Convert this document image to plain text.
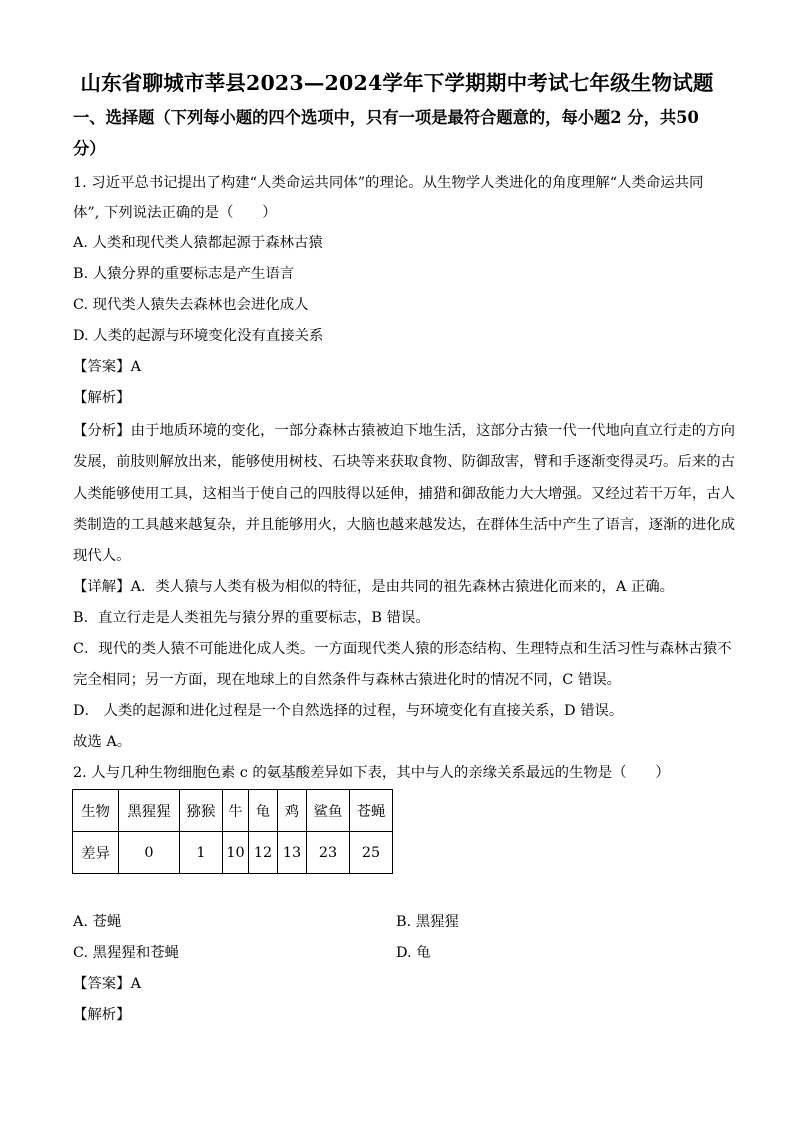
山东省聊城市莘县2023—2024学年下学期期中考试七年级生物试题
一、选择题（下列每小题的四个选项中，只有一项是最符合题意的，每小题2 分，共50
分）
1. 习近平总书记提出了构建“人类命运共同体”的理论。从生物学人类进化的角度理解“人类命运共同
体”, 下列说法正确的是（　　）
A. 人类和现代类人猿都起源于森林古猿
B. 人猿分界的重要标志是产生语言
C. 现代类人猿失去森林也会进化成人
D. 人类的起源与环境变化没有直接关系
【答案】A
【解析】
【分析】由于地质环境的变化，一部分森林古猿被迫下地生活，这部分古猿一代一代地向直立行走的方向
发展，前肢则解放出来，能够使用树枝、石块等来获取食物、防御敌害，臂和手逐渐变得灵巧。后来的古
人类能够使用工具，这相当于使自己的四肢得以延伸，捕猎和御敌能力大大增强。又经过若干万年，古人
类制造的工具越来越复杂，并且能够用火，大脑也越来越发达，在群体生活中产生了语言，逐渐的进化成
现代人。
【详解】A．类人猿与人类有极为相似的特征，是由共同的祖先森林古猿进化而来的，A 正确。
B．直立行走是人类祖先与猿分界的重要标志，B 错误。
C．现代的类人猿不可能进化成人类。一方面现代类人猿的形态结构、生理特点和生活习性与森林古猿不
完全相同；另一方面，现在地球上的自然条件与森林古猿进化时的情况不同，C 错误。
D． 人类的起源和进化过程是一个自然选择的过程，与环境变化有直接关系，D 错误。
故选 A。
2. 人与几种生物细胞色素 c 的氨基酸差异如下表，其中与人的亲缘关系最远的生物是（　　）
生物	黑猩猩	猕猴	牛	龟	鸡	鲨鱼	苍蝇
差异	0	1	10	12	13	23	25
A. 苍蝇	B. 黑猩猩
C. 黑猩猩和苍蝇	D. 龟
【答案】A
【解析】
